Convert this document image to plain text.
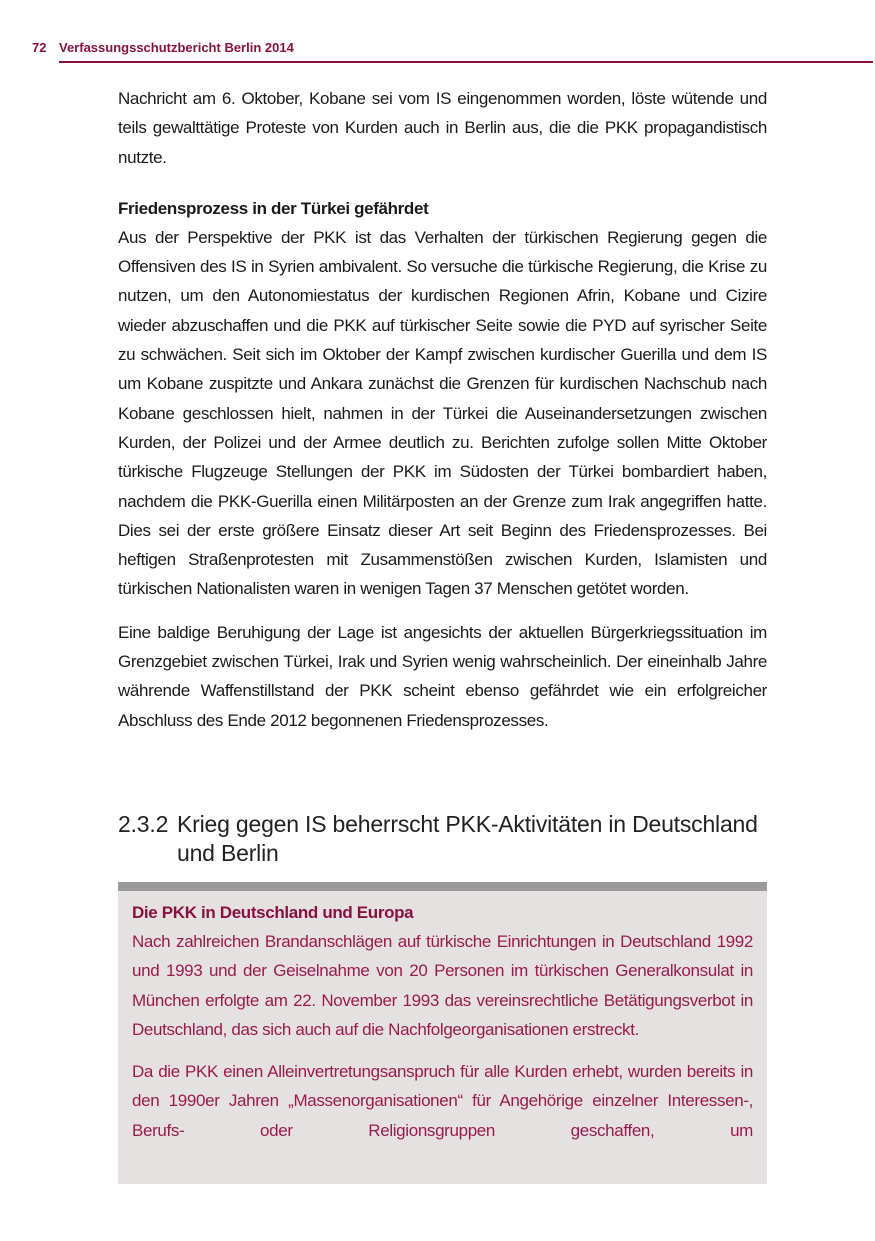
72 Verfassungsschutzbericht Berlin 2014

Nachricht am 6. Oktober, Kobane sei vom IS eingenommen worden, löste wütende und teils gewalttätige Proteste von Kurden auch in Berlin aus, die die PKK propagandistisch nutzte.

Friedensprozess in der Türkei gefährdet

Aus der Perspektive der PKK ist das Verhalten der türkischen Regierung gegen die Offensiven des IS in Syrien ambivalent. So versuche die türkische Regierung, die Krise zu nutzen, um den Autonomiestatus der kurdischen Regionen Afrin, Kobane und Cizire wieder abzuschaffen und die PKK auf türkischer Seite sowie die PYD auf syrischer Seite zu schwächen. Seit sich im Oktober der Kampf zwischen kurdischer Guerilla und dem IS um Kobane zuspitzte und Ankara zunächst die Grenzen für kurdischen Nachschub nach Kobane geschlossen hielt, nahmen in der Türkei die Auseinandersetzungen zwischen Kurden, der Polizei und der Armee deutlich zu. Berichten zufolge sollen Mitte Oktober türkische Flugzeuge Stellungen der PKK im Südosten der Türkei bombardiert haben, nachdem die PKK-Guerilla einen Militärposten an der Grenze zum Irak angegriffen hatte. Dies sei der erste größere Einsatz dieser Art seit Beginn des Friedensprozesses. Bei heftigen Straßenprotesten mit Zusammenstößen zwischen Kurden, Islamisten und türkischen Nationalisten waren in wenigen Tagen 37 Menschen getötet worden.

Eine baldige Beruhigung der Lage ist angesichts der aktuellen Bürgerkriegssituation im Grenzgebiet zwischen Türkei, Irak und Syrien wenig wahrscheinlich. Der eineinhalb Jahre währende Waffenstillstand der PKK scheint ebenso gefährdet wie ein erfolgreicher Abschluss des Ende 2012 begonnenen Friedensprozesses.

2.3.2 Krieg gegen IS beherrscht PKK-Aktivitäten in Deutschland und Berlin
Die PKK in Deutschland und Europa

Nach zahlreichen Brandanschlägen auf türkische Einrichtungen in Deutschland 1992 und 1993 und der Geiselnahme von 20 Personen im türkischen Generalkonsulat in München erfolgte am 22. November 1993 das vereinsrechtliche Betätigungsverbot in Deutschland, das sich auch auf die Nachfolgeorganisationen erstreckt.

Da die PKK einen Alleinvertretungsanspruch für alle Kurden erhebt, wurden bereits in den 1990er Jahren „Massenorganisationen“ für Angehörige einzelner Interessen-, Berufs- oder Religionsgruppen geschaffen, um
